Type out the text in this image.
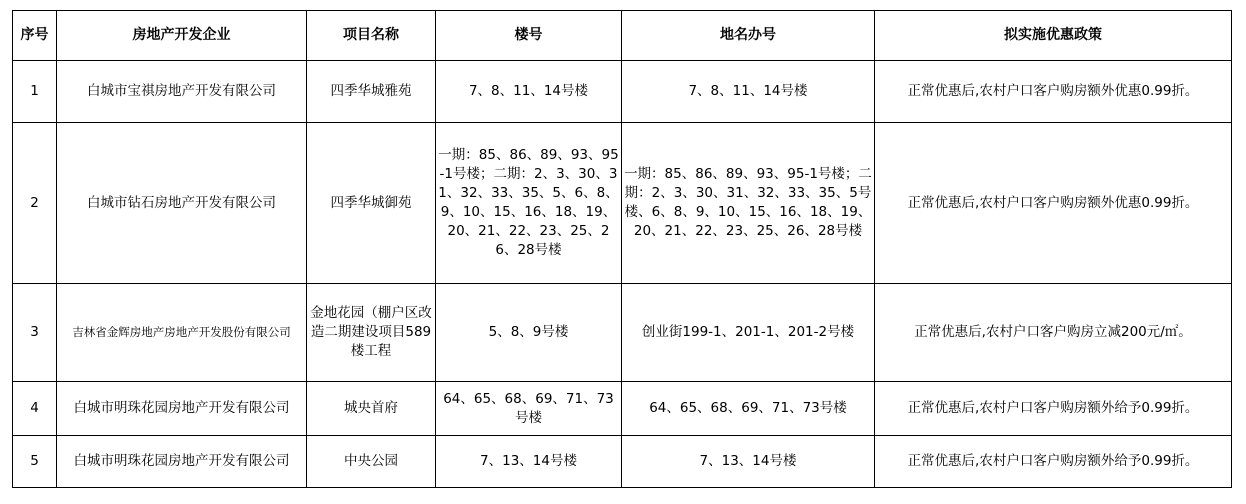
序号	房地产开发企业	项目名称	楼号	地名办号	拟实施优惠政策
1	白城市宝祺房地产开发有限公司	四季华城雅苑	7、8、11、14号楼	7、8、11、14号楼	正常优惠后,农村户口客户购房额外优惠0.99折。
2	白城市钻石房地产开发有限公司	四季华城御苑	一期：85、86、89、93、95-1号楼；二期：2、3、30、31、32、33、35、5、6、8、9、10、15、16、18、19、20、21、22、23、25、26、28号楼	一期：85、86、89、93、95-1号楼；二期：2、3、30、31、32、33、35、5号楼、6、8、9、10、15、16、18、19、20、21、22、23、25、26、28号楼	正常优惠后,农村户口客户购房额外优惠0.99折。
3	吉林省金辉房地产房地产开发股份有限公司	金地花园（棚户区改造二期建设项目589楼工程	5、8、9号楼	创业街199-1、201-1、201-2号楼	正常优惠后,农村户口客户购房立减200元/㎡。
4	白城市明珠花园房地产开发有限公司	城央首府	64、65、68、69、71、73号楼	64、65、68、69、71、73号楼	正常优惠后,农村户口客户购房额外给予0.99折。
5	白城市明珠花园房地产开发有限公司	中央公园	7、13、14号楼	7、13、14号楼	正常优惠后,农村户口客户购房额外给予0.99折。
